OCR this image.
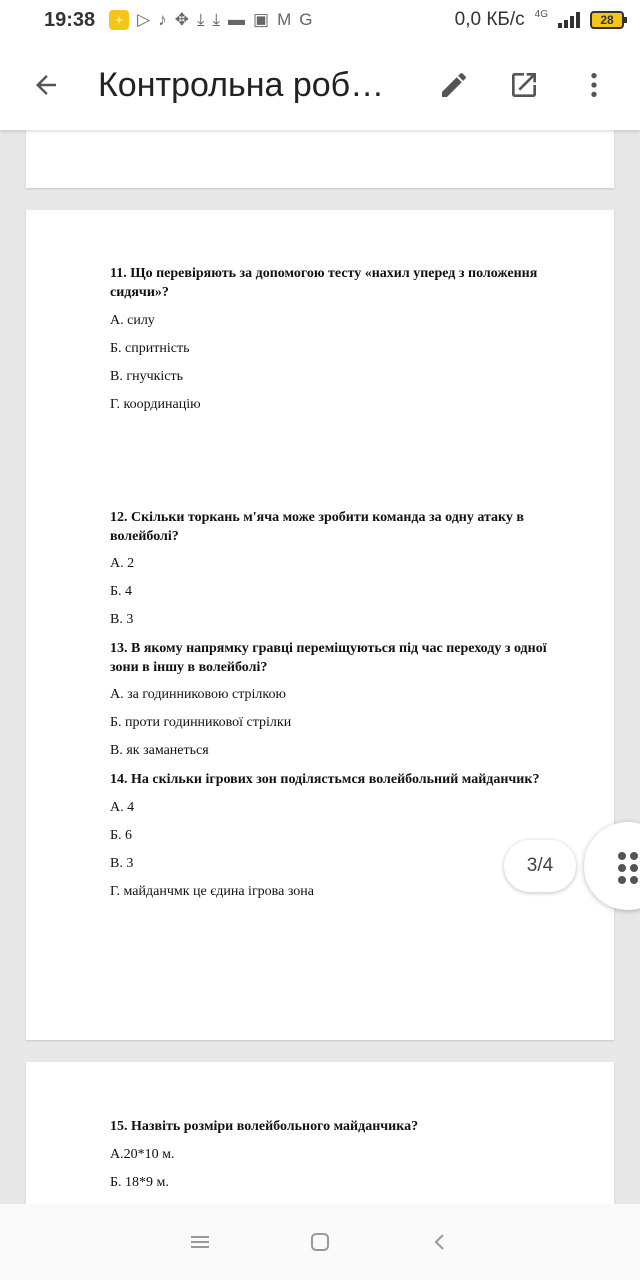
19:38	+ ▷ ♪ ✥ ⤓ ⤓ ▬ ▣ M G	0,0 КБ/с 4G	28
Контрольна роб…
11. Що перевіряють за допомогою тесту «нахил уперед з положення сидячи»?
А. силу
Б. спритність
В. гнучкість
Г. координацію
12. Скільки торкань м'яча може зробити команда за одну атаку в волейболі?
А. 2
Б. 4
В. 3
13. В якому напрямку гравці переміщуються під час переходу з одної зони в іншу в волейболі?
А. за годинниковою стрілкою
Б. проти годинникової стрілки
В. як заманеться
14. На скільки ігрових зон поділястьмся волейбольний майданчик?
А. 4
Б. 6
В. 3
Г. майданчмк це єдина ігрова зона
15. Назвіть розміри волейбольного майданчика?
А.20*10 м.
Б. 18*9 м.
3/4
